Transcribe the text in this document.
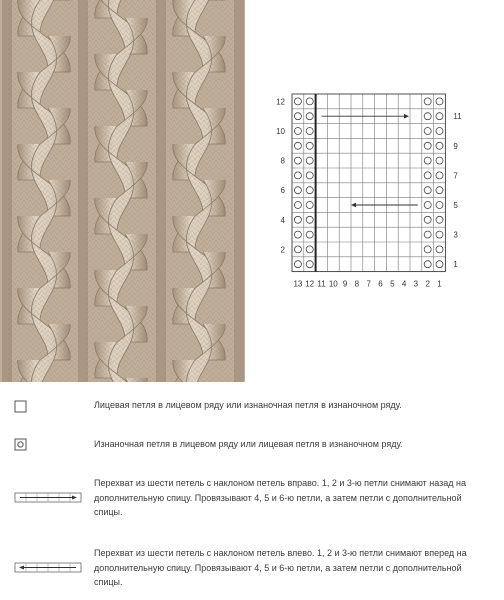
2
4
6
8
10
12
1
3
5
7
9
11
13 12 11 10 9 8 7 6 5 4 3 2 1

Лицевая петля в лицевом ряду или изнаночная петля в изнаночном ряду.

Изнаночная петля в лицевом ряду или лицевая петля в изнаночном ряду.

Перехват из шести петель с наклоном петель вправо. 1, 2 и 3-ю петли снимают назад на дополнительную спицу. Провязывают 4, 5 и 6-ю петли, а затем петли с дополнительной спицы.

Перехват из шести петель с наклоном петель влево. 1, 2 и 3-ю петли снимают вперед на дополнительную спицу. Провязывают 4, 5 и 6-ю петли, а затем петли с дополнительной спицы.
